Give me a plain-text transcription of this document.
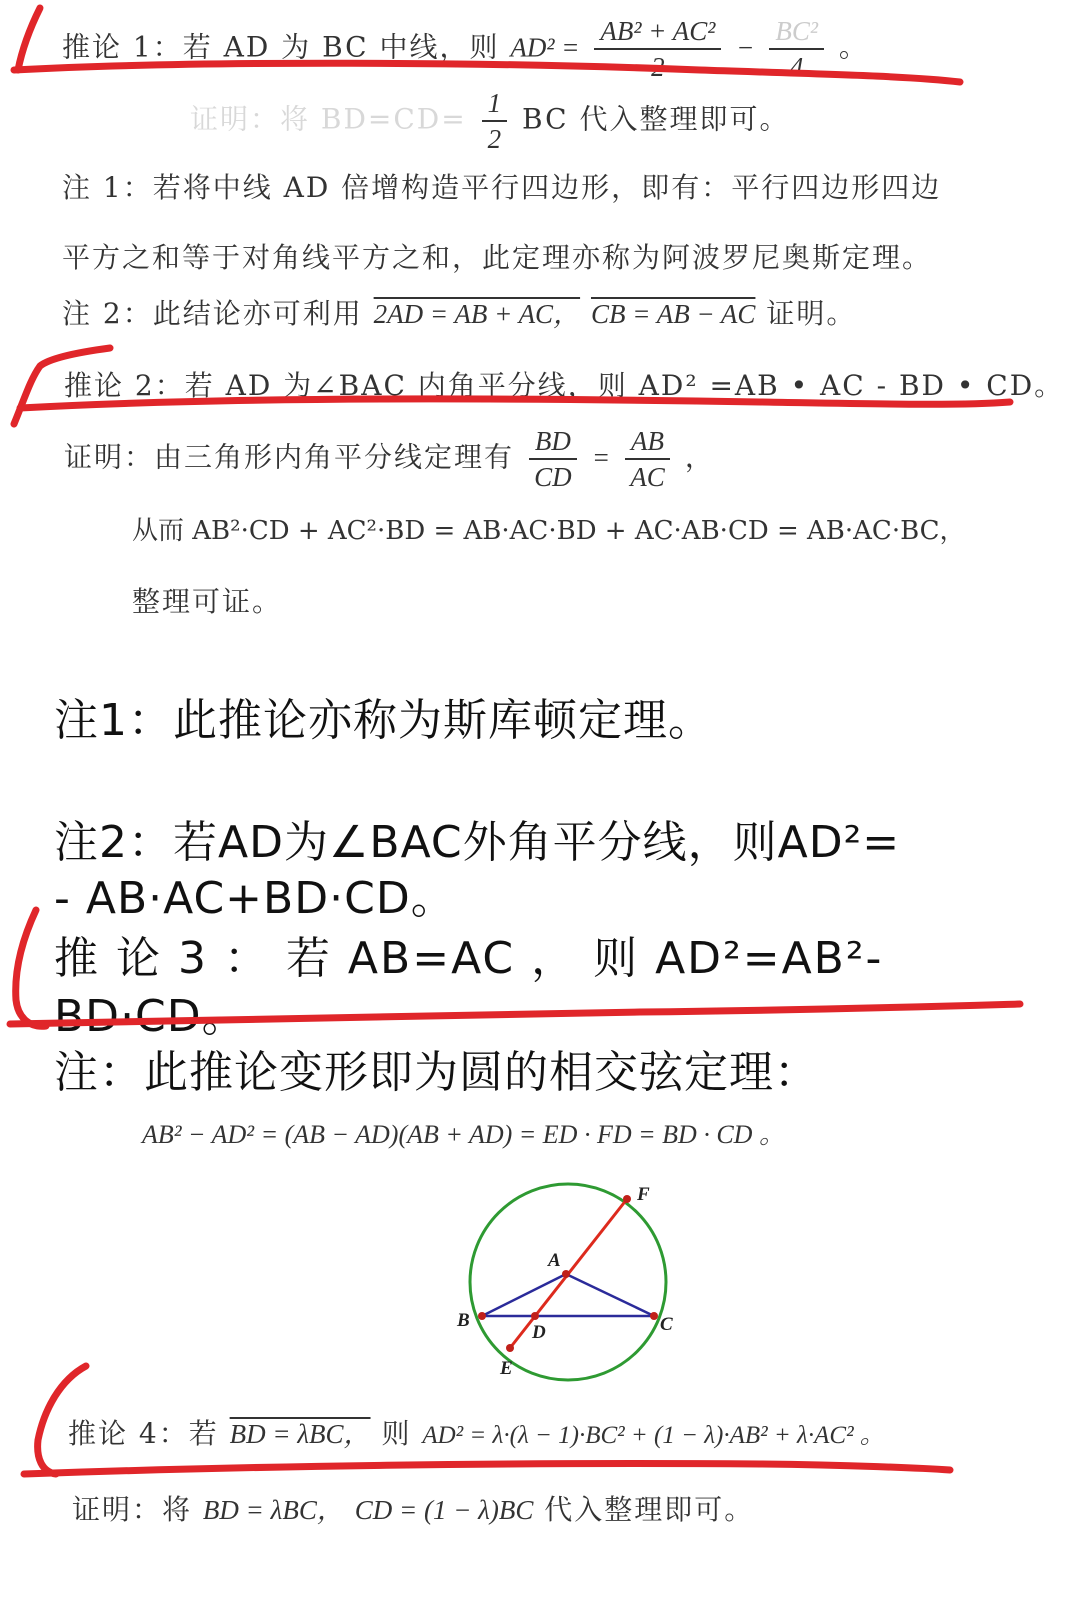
推论 1：若 AD 为 BC 中线，则 $AD^2 = \frac{\text{AB² + AC²}}{2} - \frac{\text{BC²}}{4}$ 。
证明：将 $BD=CD= \frac{1}{2}$ BC 代入整理即可。
注 1：若将中线 AD 倍增构造平行四边形，即有：平行四边形四边
平方之和等于对角线平方之和，此定理亦称为阿波罗尼奥斯定理。
注 2：此结论亦可利用 2AD = AB + AC， CB = AB − AC 证明。
推论 2：若 AD 为∠BAC 内角平分线，则 AD² =AB • AC - BD • CD。
证明：由三角形内角平分线定理有 $\frac{BD}{CD} = \frac{AB}{AC}$ ，
从而 AB²·CD + AC²·BD = AB·AC·BD + AC·AB·CD = AB·AC·BC，
整理可证。
注1：此推论亦称为斯库顿定理。
注2：若AD为∠BAC外角平分线，则AD²=
- AB·AC+BD·CD。
推 论 3 ： 若 AB=AC ， 则 AD²=AB²-
BD·CD。
注：此推论变形即为圆的相交弦定理：
AB² − AD² = (AB − AD)(AB + AD) = ED · FD = BD · CD 。
A
B	C
D
E
F
推论 4：若 BD = λBC， 则 AD² = λ·(λ − 1)·BC² + (1 − λ)·AB² + λ·AC² 。
证明：将 BD = λBC， CD = (1 − λ)BC 代入整理即可。
